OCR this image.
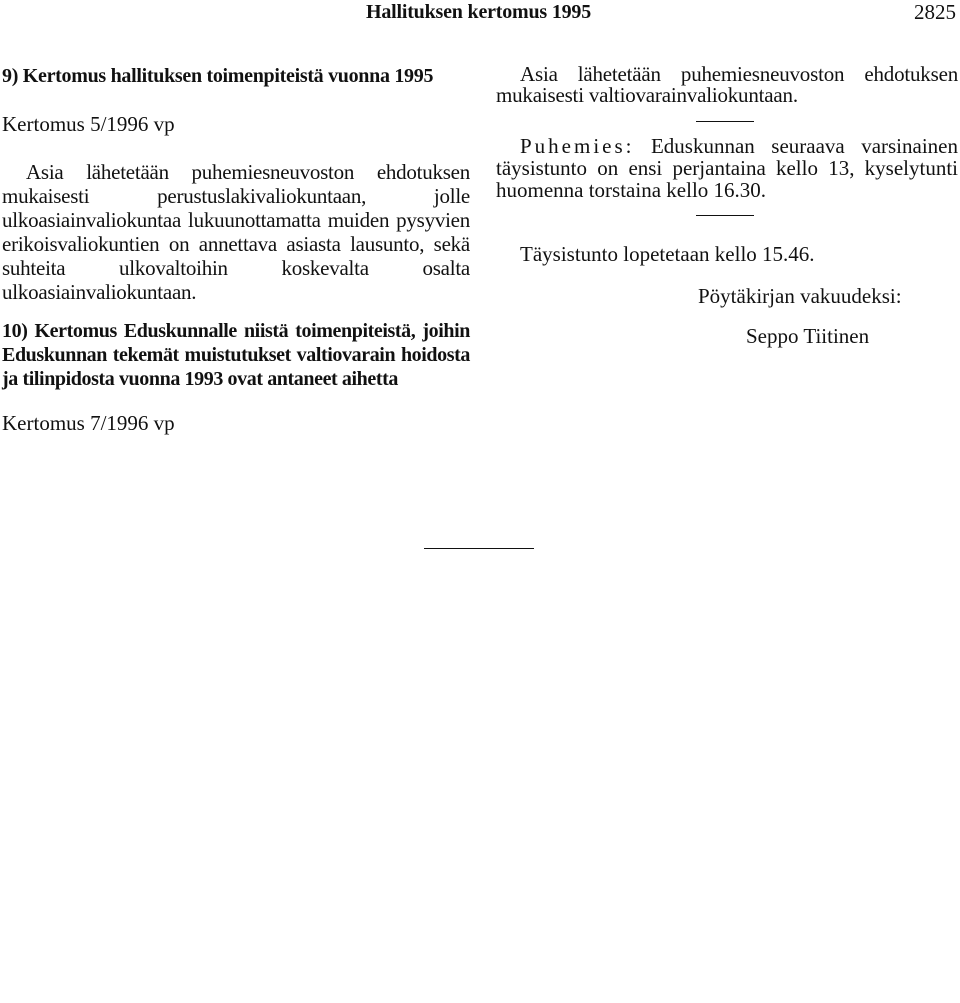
Hallituksen kertomus 1995	2825

9) Kertomus hallituksen toimenpiteistä vuonna 1995

Kertomus 5/1996 vp

Asia lähetetään puhemiesneuvoston ehdotuksen mukaisesti perustuslakivaliokuntaan, jolle ulkoasiainvaliokuntaa lukuunottamatta muiden pysyvien erikoisvaliokuntien on annettava asiasta lausunto, sekä suhteita ulkovaltoihin koskevalta osalta ulkoasiainvaliokuntaan.

10) Kertomus Eduskunnalle niistä toimenpiteistä, joihin Eduskunnan tekemät muistutukset valtiovarain hoidosta ja tilinpidosta vuonna 1993 ovat antaneet aihetta

Kertomus 7/1996 vp

Asia lähetetään puhemiesneuvoston ehdotuksen mukaisesti valtiovarainvaliokuntaan.

Puhemies: Eduskunnan seuraava varsinainen täysistunto on ensi perjantaina kello 13, kyselytunti huomenna torstaina kello 16.30.

Täysistunto lopetetaan kello 15.46.

Pöytäkirjan vakuudeksi:

Seppo Tiitinen
